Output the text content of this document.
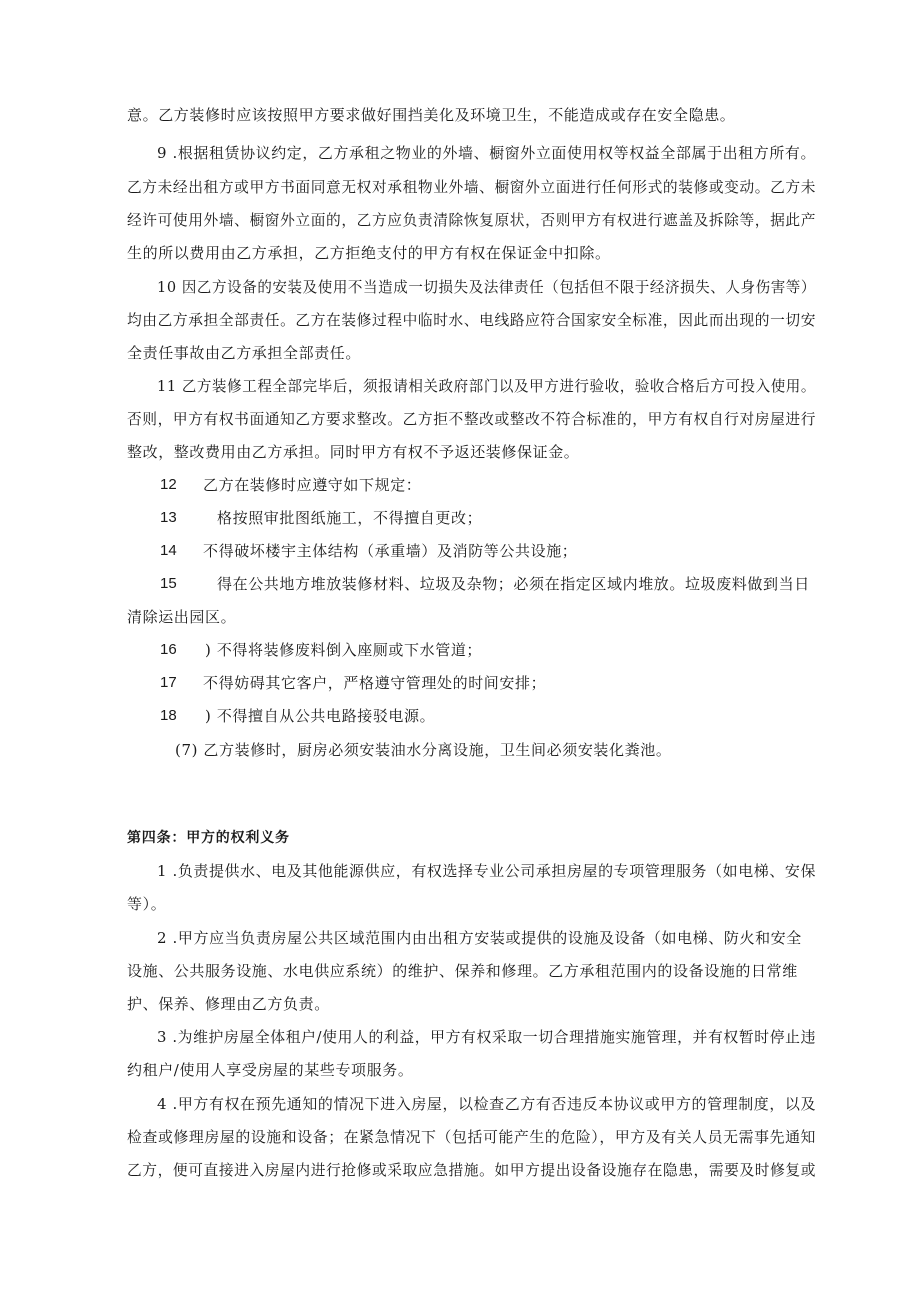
意。乙方装修时应该按照甲方要求做好围挡美化及环境卫生，不能造成或存在安全隐患。
9 .根据租赁协议约定，乙方承租之物业的外墙、橱窗外立面使用权等权益全部属于出租方所有。
乙方未经出租方或甲方书面同意无权对承租物业外墙、橱窗外立面进行任何形式的装修或变动。乙方未
经许可使用外墙、橱窗外立面的，乙方应负责清除恢复原状，否则甲方有权进行遮盖及拆除等，据此产
生的所以费用由乙方承担，乙方拒绝支付的甲方有权在保证金中扣除。
10 因乙方设备的安装及使用不当造成一切损失及法律责任（包括但不限于经济损失、人身伤害等）
均由乙方承担全部责任。乙方在装修过程中临时水、电线路应符合国家安全标准，因此而出现的一切安
全责任事故由乙方承担全部责任。
11 乙方装修工程全部完毕后，须报请相关政府部门以及甲方进行验收，验收合格后方可投入使用。
否则，甲方有权书面通知乙方要求整改。乙方拒不整改或整改不符合标准的，甲方有权自行对房屋进行
整改，整改费用由乙方承担。同时甲方有权不予返还装修保证金。
12 乙方在装修时应遵守如下规定：
13	格按照审批图纸施工，不得擅自更改；
14 不得破坏楼宇主体结构（承重墙）及消防等公共设施；
15	得在公共地方堆放装修材料、垃圾及杂物；必须在指定区域内堆放。垃圾废料做到当日
清除运出园区。
16 ) 不得将装修废料倒入座厕或下水管道；
17 不得妨碍其它客户，严格遵守管理处的时间安排；
18 ) 不得擅自从公共电路接驳电源。
(7) 乙方装修时，厨房必须安装油水分离设施，卫生间必须安装化粪池。
第四条：甲方的权利义务
1 .负责提供水、电及其他能源供应，有权选择专业公司承担房屋的专项管理服务（如电梯、安保
等）。
2 .甲方应当负责房屋公共区域范围内由出租方安装或提供的设施及设备（如电梯、防火和安全
设施、公共服务设施、水电供应系统）的维护、保养和修理。乙方承租范围内的设备设施的日常维
护、保养、修理由乙方负责。
3 .为维护房屋全体租户/使用人的利益，甲方有权采取一切合理措施实施管理，并有权暂时停止违
约租户/使用人享受房屋的某些专项服务。
4 .甲方有权在预先通知的情况下进入房屋，以检查乙方有否违反本协议或甲方的管理制度，以及
检查或修理房屋的设施和设备；在紧急情况下（包括可能产生的危险），甲方及有关人员无需事先通知
乙方，便可直接进入房屋内进行抢修或采取应急措施。如甲方提出设备设施存在隐患，需要及时修复或
